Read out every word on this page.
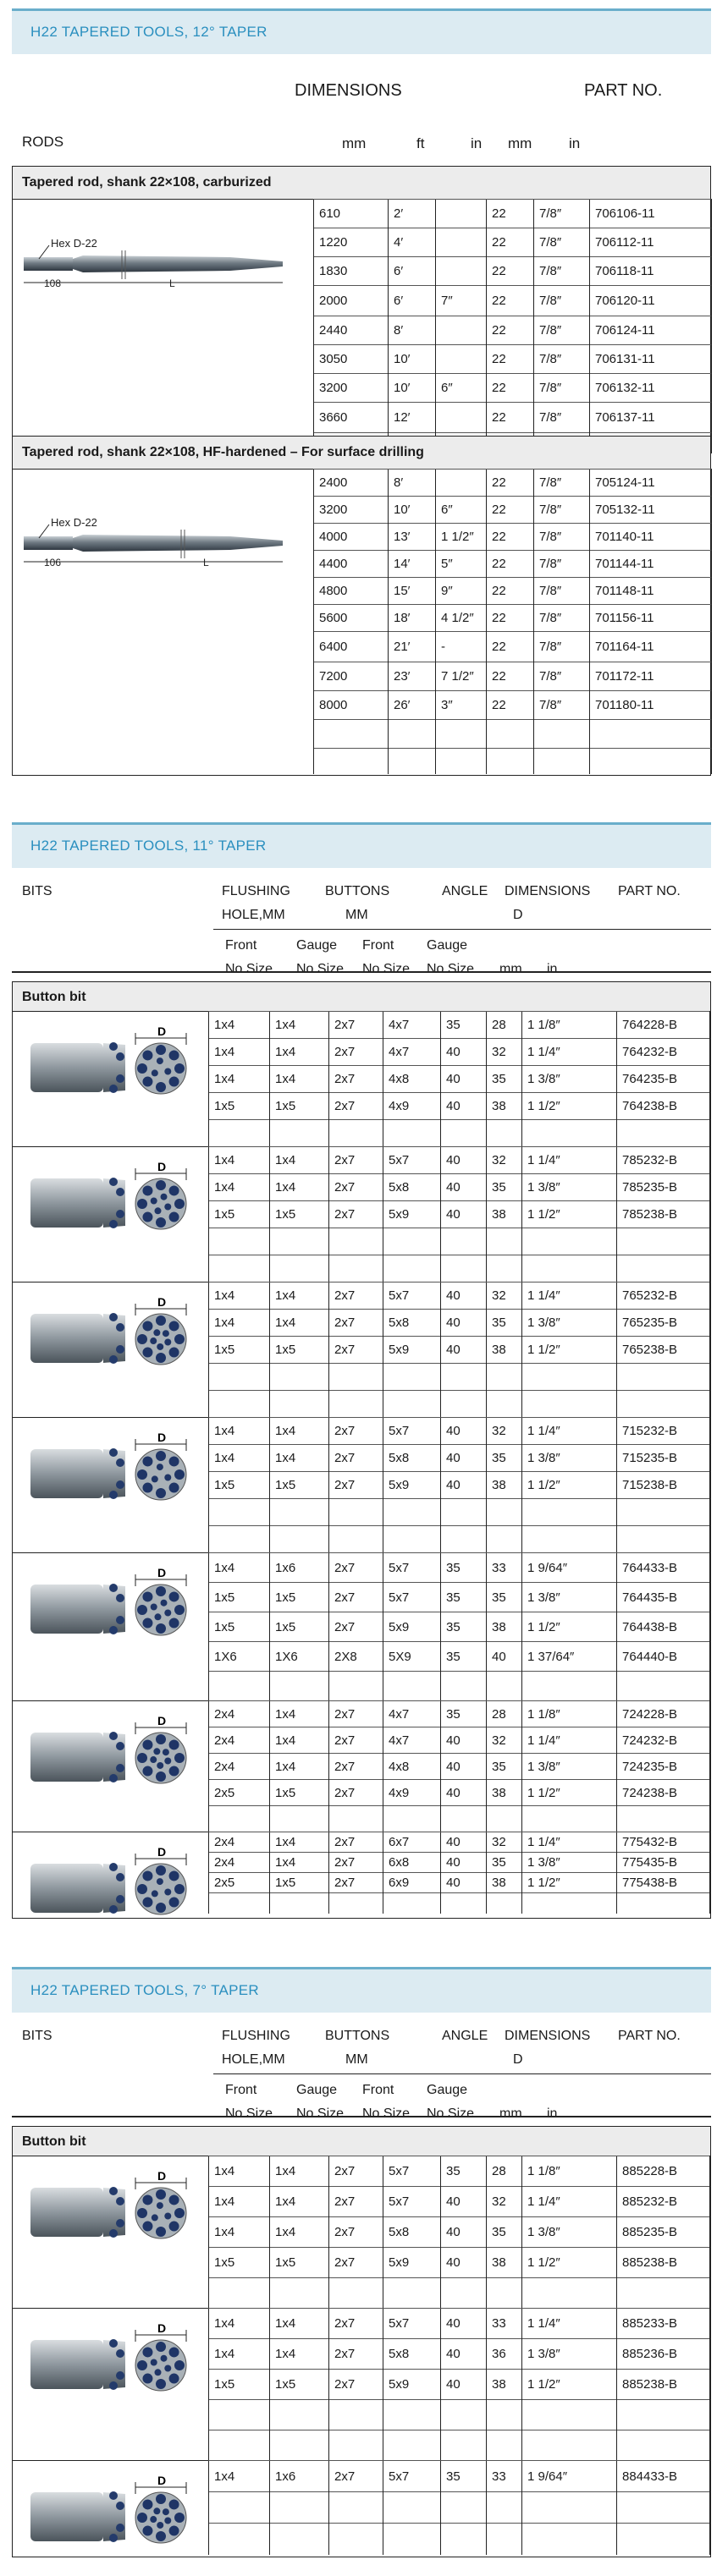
H22 TAPERED TOOLS, 12° TAPER
DIMENSIONS	PART NO.
RODS	mm	ft	in mm	in
Tapered rod, shank 22×108, carburized
Hex D-22
108	L
610	2′		22	7/8″	706106-11
1220	4′		22	7/8″	706112-11
1830	6′		22	7/8″	706118-11
2000	6′	7″	22	7/8″	706120-11
2440	8′		22	7/8″	706124-11
3050	10′		22	7/8″	706131-11
3200	10′	6″	22	7/8″	706132-11
3660	12′		22	7/8″	706137-11

Tapered rod, shank 22×108, HF-hardened – For surface drilling
Hex D-22
106	L
2400	8′		22	7/8″	705124-11
3200	10′	6″	22	7/8″	705132-11
4000	13′	1 1/2″	22	7/8″	701140-11
4400	14′	5″	22	7/8″	701144-11
4800	15′	9″	22	7/8″	701148-11
5600	18′	4 1/2″	22	7/8″	701156-11
6400	21′	-	22	7/8″	701164-11
7200	23′	7 1/2″	22	7/8″	701172-11
8000	26′	3″	22	7/8″	701180-11

H22 TAPERED TOOLS, 11° TAPER
BITS	FLUSHING	BUTTONS	ANGLE DIMENSIONS PART NO.
HOLE,MM	MM	D
Front	Gauge Front Gauge
No Size No Size No Size No Size mm in
Button bit
D	1x4	1x4	2x7	4x7	35	28	1 1/8″	764228-B
1x4	1x4	2x7	4x7	40	32	1 1/4″	764232-B
1x4	1x4	2x7	4x8	40	35	1 3/8″	764235-B
1x5	1x5	2x7	4x9	40	38	1 1/2″	764238-B

D	1x4	1x4	2x7	5x7	40	32	1 1/4″	785232-B
1x4	1x4	2x7	5x8	40	35	1 3/8″	785235-B
1x5	1x5	2x7	5x9	40	38	1 1/2″	785238-B

D	1x4	1x4	2x7	5x7	40	32	1 1/4″	765232-B
1x4	1x4	2x7	5x8	40	35	1 3/8″	765235-B
1x5	1x5	2x7	5x9	40	38	1 1/2″	765238-B

D	1x4	1x4	2x7	5x7	40	32	1 1/4″	715232-B
1x4	1x4	2x7	5x8	40	35	1 3/8″	715235-B
1x5	1x5	2x7	5x9	40	38	1 1/2″	715238-B

D	1x4	1x6	2x7	5x7	35	33	1 9/64″	764433-B
1x5	1x5	2x7	5x7	35	35	1 3/8″	764435-B
1x5	1x5	2x7	5x9	35	38	1 1/2″	764438-B
1X6	1X6	2X8	5X9	35	40	1 37/64″	764440-B

D	2x4	1x4	2x7	4x7	35	28	1 1/8″	724228-B
2x4	1x4	2x7	4x7	40	32	1 1/4″	724232-B
2x4	1x4	2x7	4x8	40	35	1 3/8″	724235-B
2x5	1x5	2x7	4x9	40	38	1 1/2″	724238-B

D
2x4	1x4	2x7	6x7	40	32	1 1/4″	775432-B
2x4	1x4	2x7	6x8	40	35	1 3/8″	775435-B
2x5	1x5	2x7	6x9	40	38	1 1/2″	775438-B

H22 TAPERED TOOLS, 7° TAPER
BITS	FLUSHING	BUTTONS	ANGLE DIMENSIONS PART NO.
HOLE,MM	MM	D
Front	Gauge Front Gauge
No Size No Size No Size No Size mm in
Button bit
D	1x4	1x4	2x7	5x7	35	28	1 1/8″	885228-B
1x4	1x4	2x7	5x7	40	32	1 1/4″	885232-B
1x4	1x4	2x7	5x8	40	35	1 3/8″	885235-B
1x5	1x5	2x7	5x9	40	38	1 1/2″	885238-B

D	1x4	1x4	2x7	5x7	40	33	1 1/4″	885233-B
1x4	1x4	2x7	5x8	40	36	1 3/8″	885236-B
1x5	1x5	2x7	5x9	40	38	1 1/2″	885238-B

D	1x4	1x6	2x7	5x7	35	33	1 9/64″	884433-B
